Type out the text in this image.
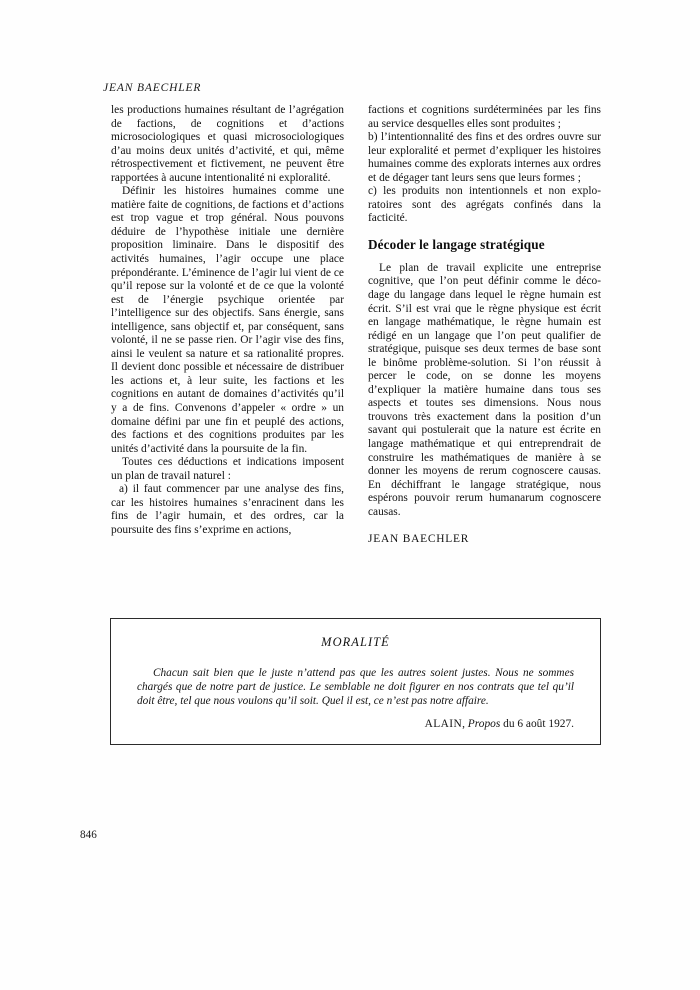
JEAN BAECHLER

les productions humaines résultant de l’agrégation de factions, de cognitions et d’actions microsociologiques et quasi microsociologiques d’au moins deux unités d’activité, et qui, même rétrospectivement et fictivement, ne peuvent être rapportées à aucune intentionalité ni exploralité.

Définir les histoires humaines comme une matière faite de cognitions, de factions et d’actions est trop vague et trop général. Nous pouvons déduire de l’hypothèse initiale une dernière proposition liminaire. Dans le dispositif des activités humaines, l’agir occupe une place prépondérante. L’éminence de l’agir lui vient de ce qu’il repose sur la volonté et de ce que la volonté est de l’énergie psychique orientée par l’intelligence sur des objectifs. Sans énergie, sans intelligence, sans objectif et, par conséquent, sans volonté, il ne se passe rien. Or l’agir vise des fins, ainsi le veulent sa nature et sa rationalité propres. Il devient donc possible et nécessaire de distribuer les actions et, à leur suite, les factions et les cognitions en autant de domaines d’activités qu’il y a de fins. Convenons d’appeler « ordre » un domaine défini par une fin et peuplé des actions, des factions et des cognitions produites par les unités d’activité dans la poursuite de la fin.

Toutes ces déductions et indications imposent un plan de travail naturel :

a) il faut commencer par une analyse des fins, car les histoires humaines s’enracinent dans les fins de l’agir humain, et des ordres, car la poursuite des fins s’exprime en actions,

factions et cognitions surdéterminées par les fins au service desquelles elles sont produites ;

b) l’intentionnalité des fins et des ordres ouvre sur leur exploralité et permet d’expliquer les histoires humaines comme des explorats internes aux ordres et de dégager tant leurs sens que leurs formes ;

c) les produits non intentionnels et non exploratoires sont des agrégats confinés dans la facticité.

Décoder le langage stratégique

Le plan de travail explicite une entreprise cognitive, que l’on peut définir comme le décodage du langage dans lequel le règne humain est écrit. S’il est vrai que le règne physique est écrit en langage mathématique, le règne humain est rédigé en un langage que l’on peut qualifier de stratégique, puisque ses deux termes de base sont le binôme problème-solution. Si l’on réussit à percer le code, on se donne les moyens d’expliquer la matière humaine dans tous ses aspects et toutes ses dimensions. Nous nous trouvons très exactement dans la position d’un savant qui postulerait que la nature est écrite en langage mathématique et qui entreprendrait de construire les mathématiques de manière à se donner les moyens de rerum cognoscere causas. En déchiffrant le langage stratégique, nous espérons pouvoir rerum humanarum cognoscere causas.

JEAN BAECHLER

MORALITÉ

Chacun sait bien que le juste n’attend pas que les autres soient justes. Nous ne sommes chargés que de notre part de justice. Le semblable ne doit figurer en nos contrats que tel qu’il doit être, tel que nous voulons qu’il soit. Quel il est, ce n’est pas notre affaire.

ALAIN, Propos du 6 août 1927.

846
